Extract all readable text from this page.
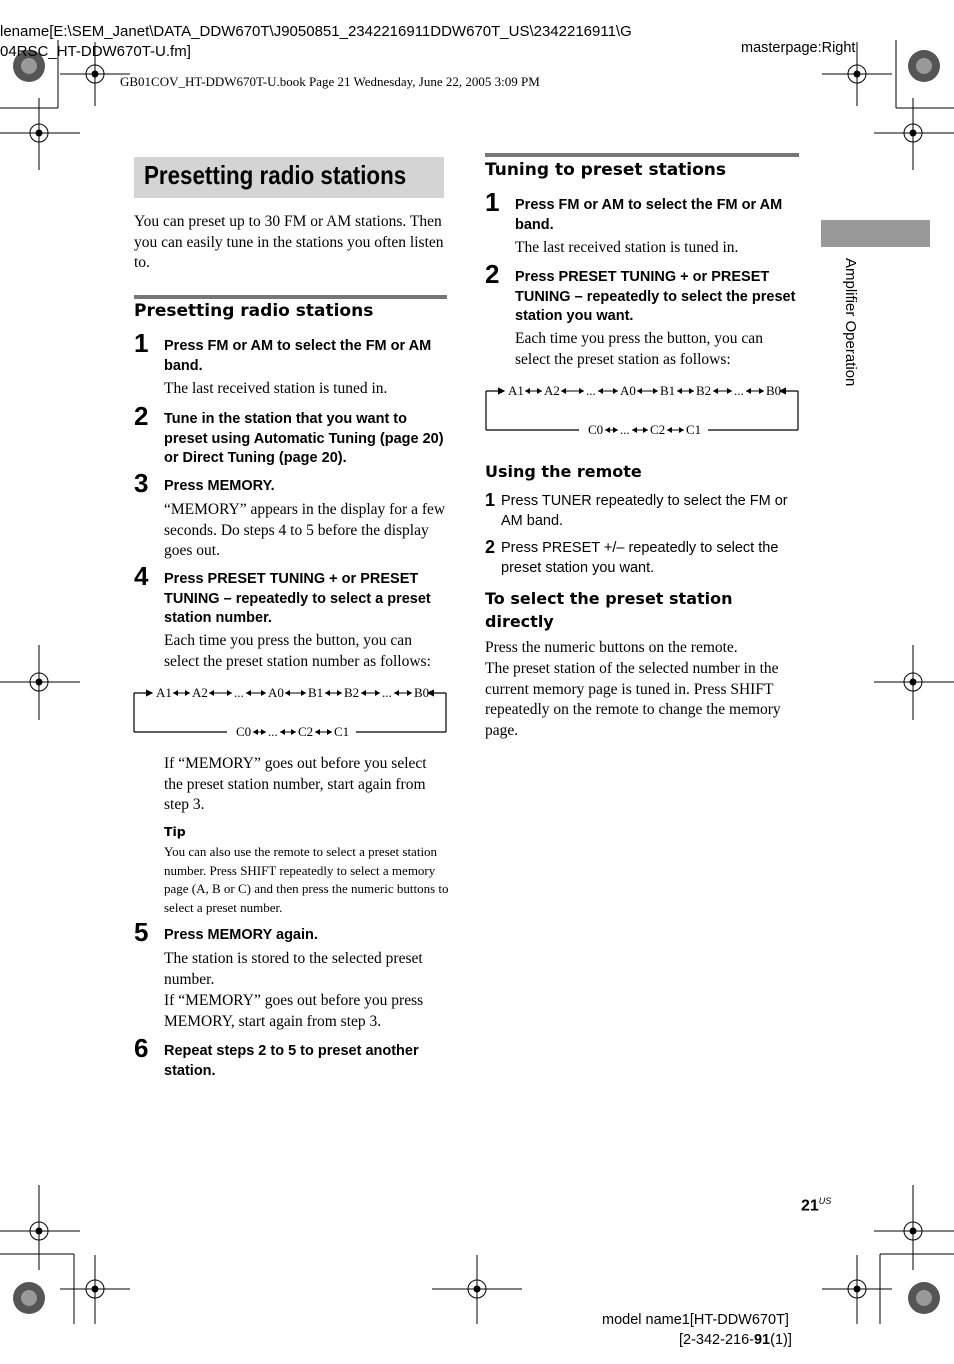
lename[E:\SEM_Janet\DATA_DDW670T\J9050851_2342216911DDW670T_US\2342216911\G
04RSC_HT-DDW670T-U.fm]	masterpage:Right
GB01COV_HT-DDW670T-U.book Page 21 Wednesday, June 22, 2005 3:09 PM
Presetting radio stations
You can preset up to 30 FM or AM stations. Then you can easily tune in the stations you often listen to.
Presetting radio stations
1 Press FM or AM to select the FM or AM band.
The last received station is tuned in.
2 Tune in the station that you want to preset using Automatic Tuning (page 20) or Direct Tuning (page 20).
3 Press MEMORY.
“MEMORY” appears in the display for a few seconds. Do steps 4 to 5 before the display goes out.
4 Press PRESET TUNING + or PRESET TUNING – repeatedly to select a preset station number.
Each time you press the button, you can select the preset station number as follows:
A1 A2 ... A0 B1 B2 ... B0
C0 ... C2 C1
If “MEMORY” goes out before you select the preset station number, start again from step 3.
Tip
You can also use the remote to select a preset station number. Press SHIFT repeatedly to select a memory page (A, B or C) and then press the numeric buttons to select a preset number.
5 Press MEMORY again.
The station is stored to the selected preset number.
If “MEMORY” goes out before you press MEMORY, start again from step 3.
6 Repeat steps 2 to 5 to preset another station.
Tuning to preset stations
1 Press FM or AM to select the FM or AM band.
The last received station is tuned in.
2 Press PRESET TUNING + or PRESET TUNING – repeatedly to select the preset station you want.
Each time you press the button, you can select the preset station as follows:
A1 A2 ... A0 B1 B2 ... B0
C0 ... C2 C1
Using the remote
1 Press TUNER repeatedly to select the FM or AM band.
2 Press PRESET +/– repeatedly to select the preset station you want.
To select the preset station directly
Press the numeric buttons on the remote.
The preset station of the selected number in the current memory page is tuned in. Press SHIFT repeatedly on the remote to change the memory page.
Amplifier Operation
$21^{US}$
model name1[HT-DDW670T]
[2-342-216-91(1)]
